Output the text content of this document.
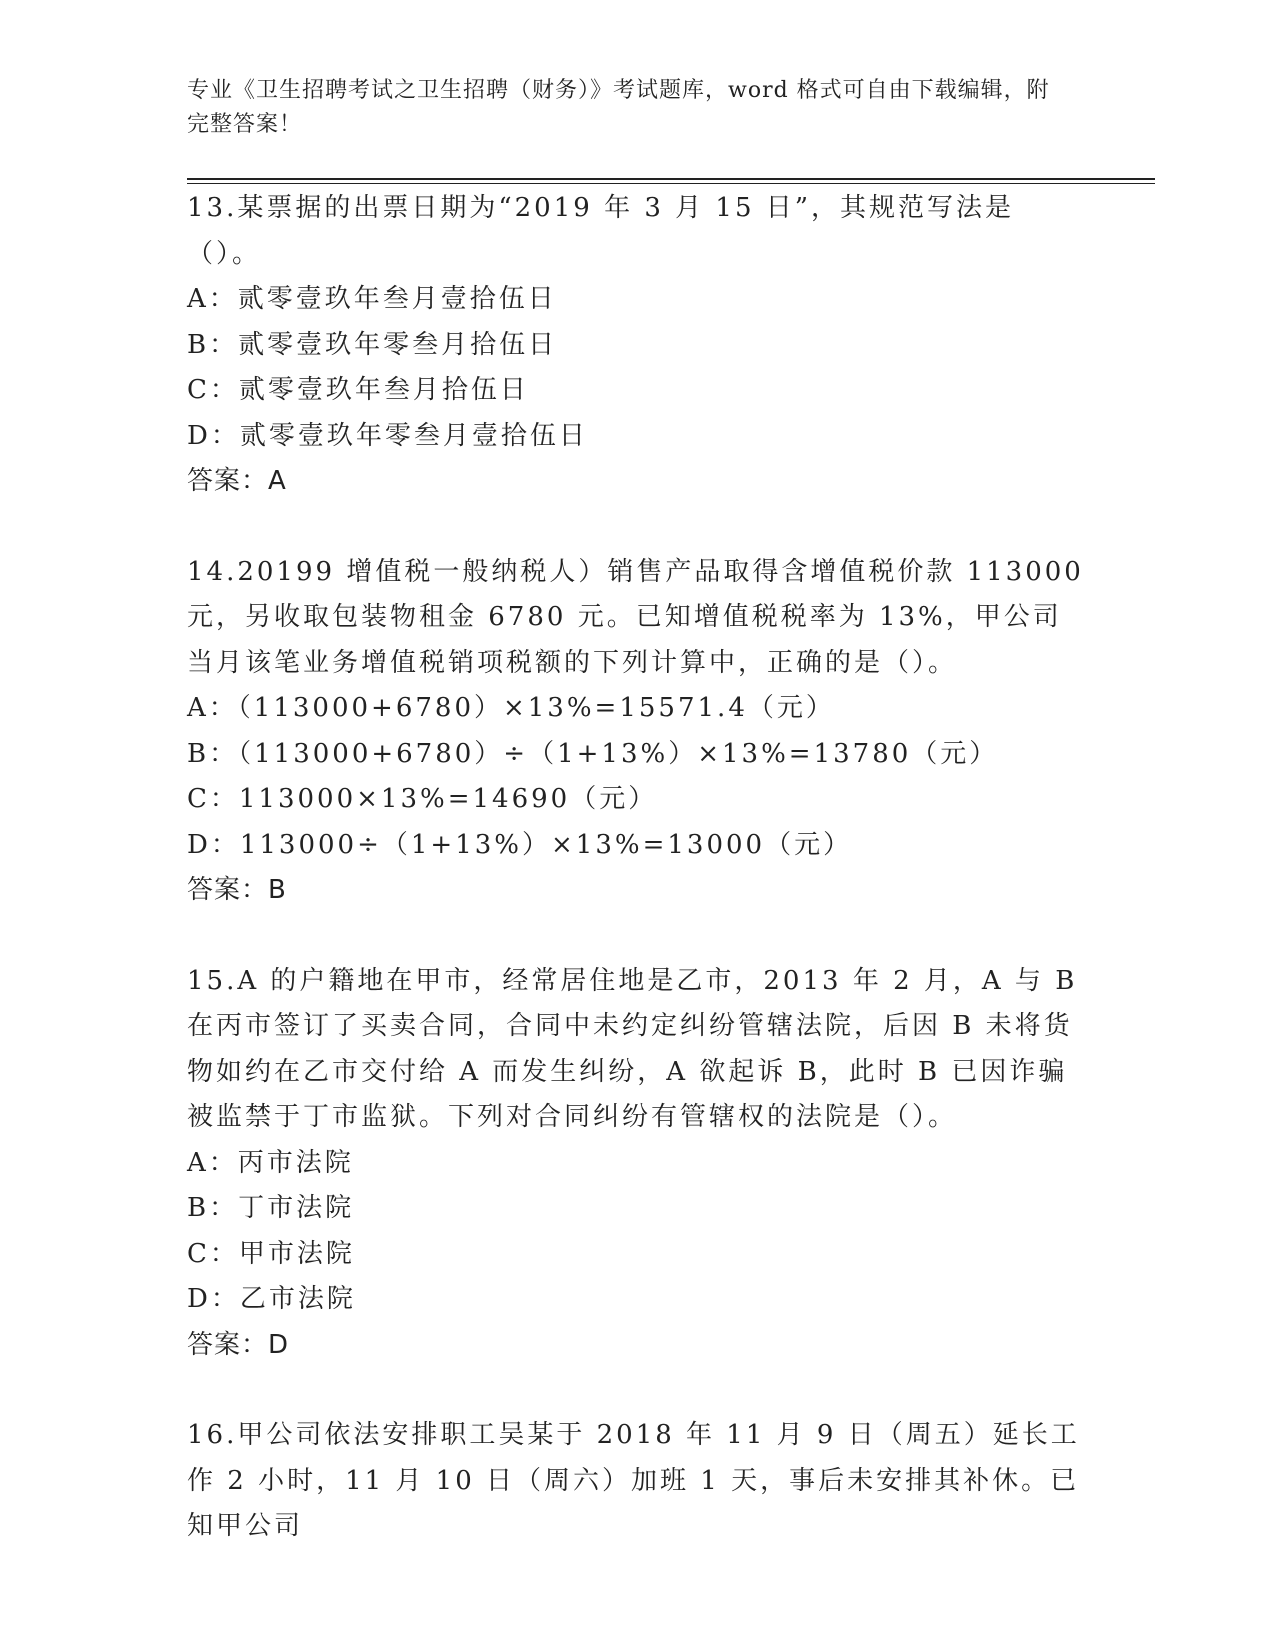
专业《卫生招聘考试之卫生招聘（财务）》考试题库，word 格式可自由下载编辑，附完整答案！

13.某票据的出票日期为“2019 年 3 月 15 日”，其规范写法是（）。

A：贰零壹玖年叁月壹拾伍日

B：贰零壹玖年零叁月拾伍日

C：贰零壹玖年叁月拾伍日

D：贰零壹玖年零叁月壹拾伍日

答案：A

14.20199 增值税一般纳税人）销售产品取得含增值税价款 113000 元，另收取包装物租金 6780 元。已知增值税税率为 13%，甲公司当月该笔业务增值税销项税额的下列计算中，正确的是（）。

A：（113000+6780）×13%=15571.4（元）

B：（113000+6780）÷（1+13%）×13%=13780（元）

C：113000×13%=14690（元）

D：113000÷（1+13%）×13%=13000（元）

答案：B

15.A 的户籍地在甲市，经常居住地是乙市，2013 年 2 月，A 与 B 在丙市签订了买卖合同，合同中未约定纠纷管辖法院，后因 B 未将货物如约在乙市交付给 A 而发生纠纷，A 欲起诉 B，此时 B 已因诈骗被监禁于丁市监狱。下列对合同纠纷有管辖权的法院是（）。

A：丙市法院

B：丁市法院

C：甲市法院

D：乙市法院

答案：D

16.甲公司依法安排职工吴某于 2018 年 11 月 9 日（周五）延长工作 2 小时，11 月 10 日（周六）加班 1 天，事后未安排其补休。已知甲公司
